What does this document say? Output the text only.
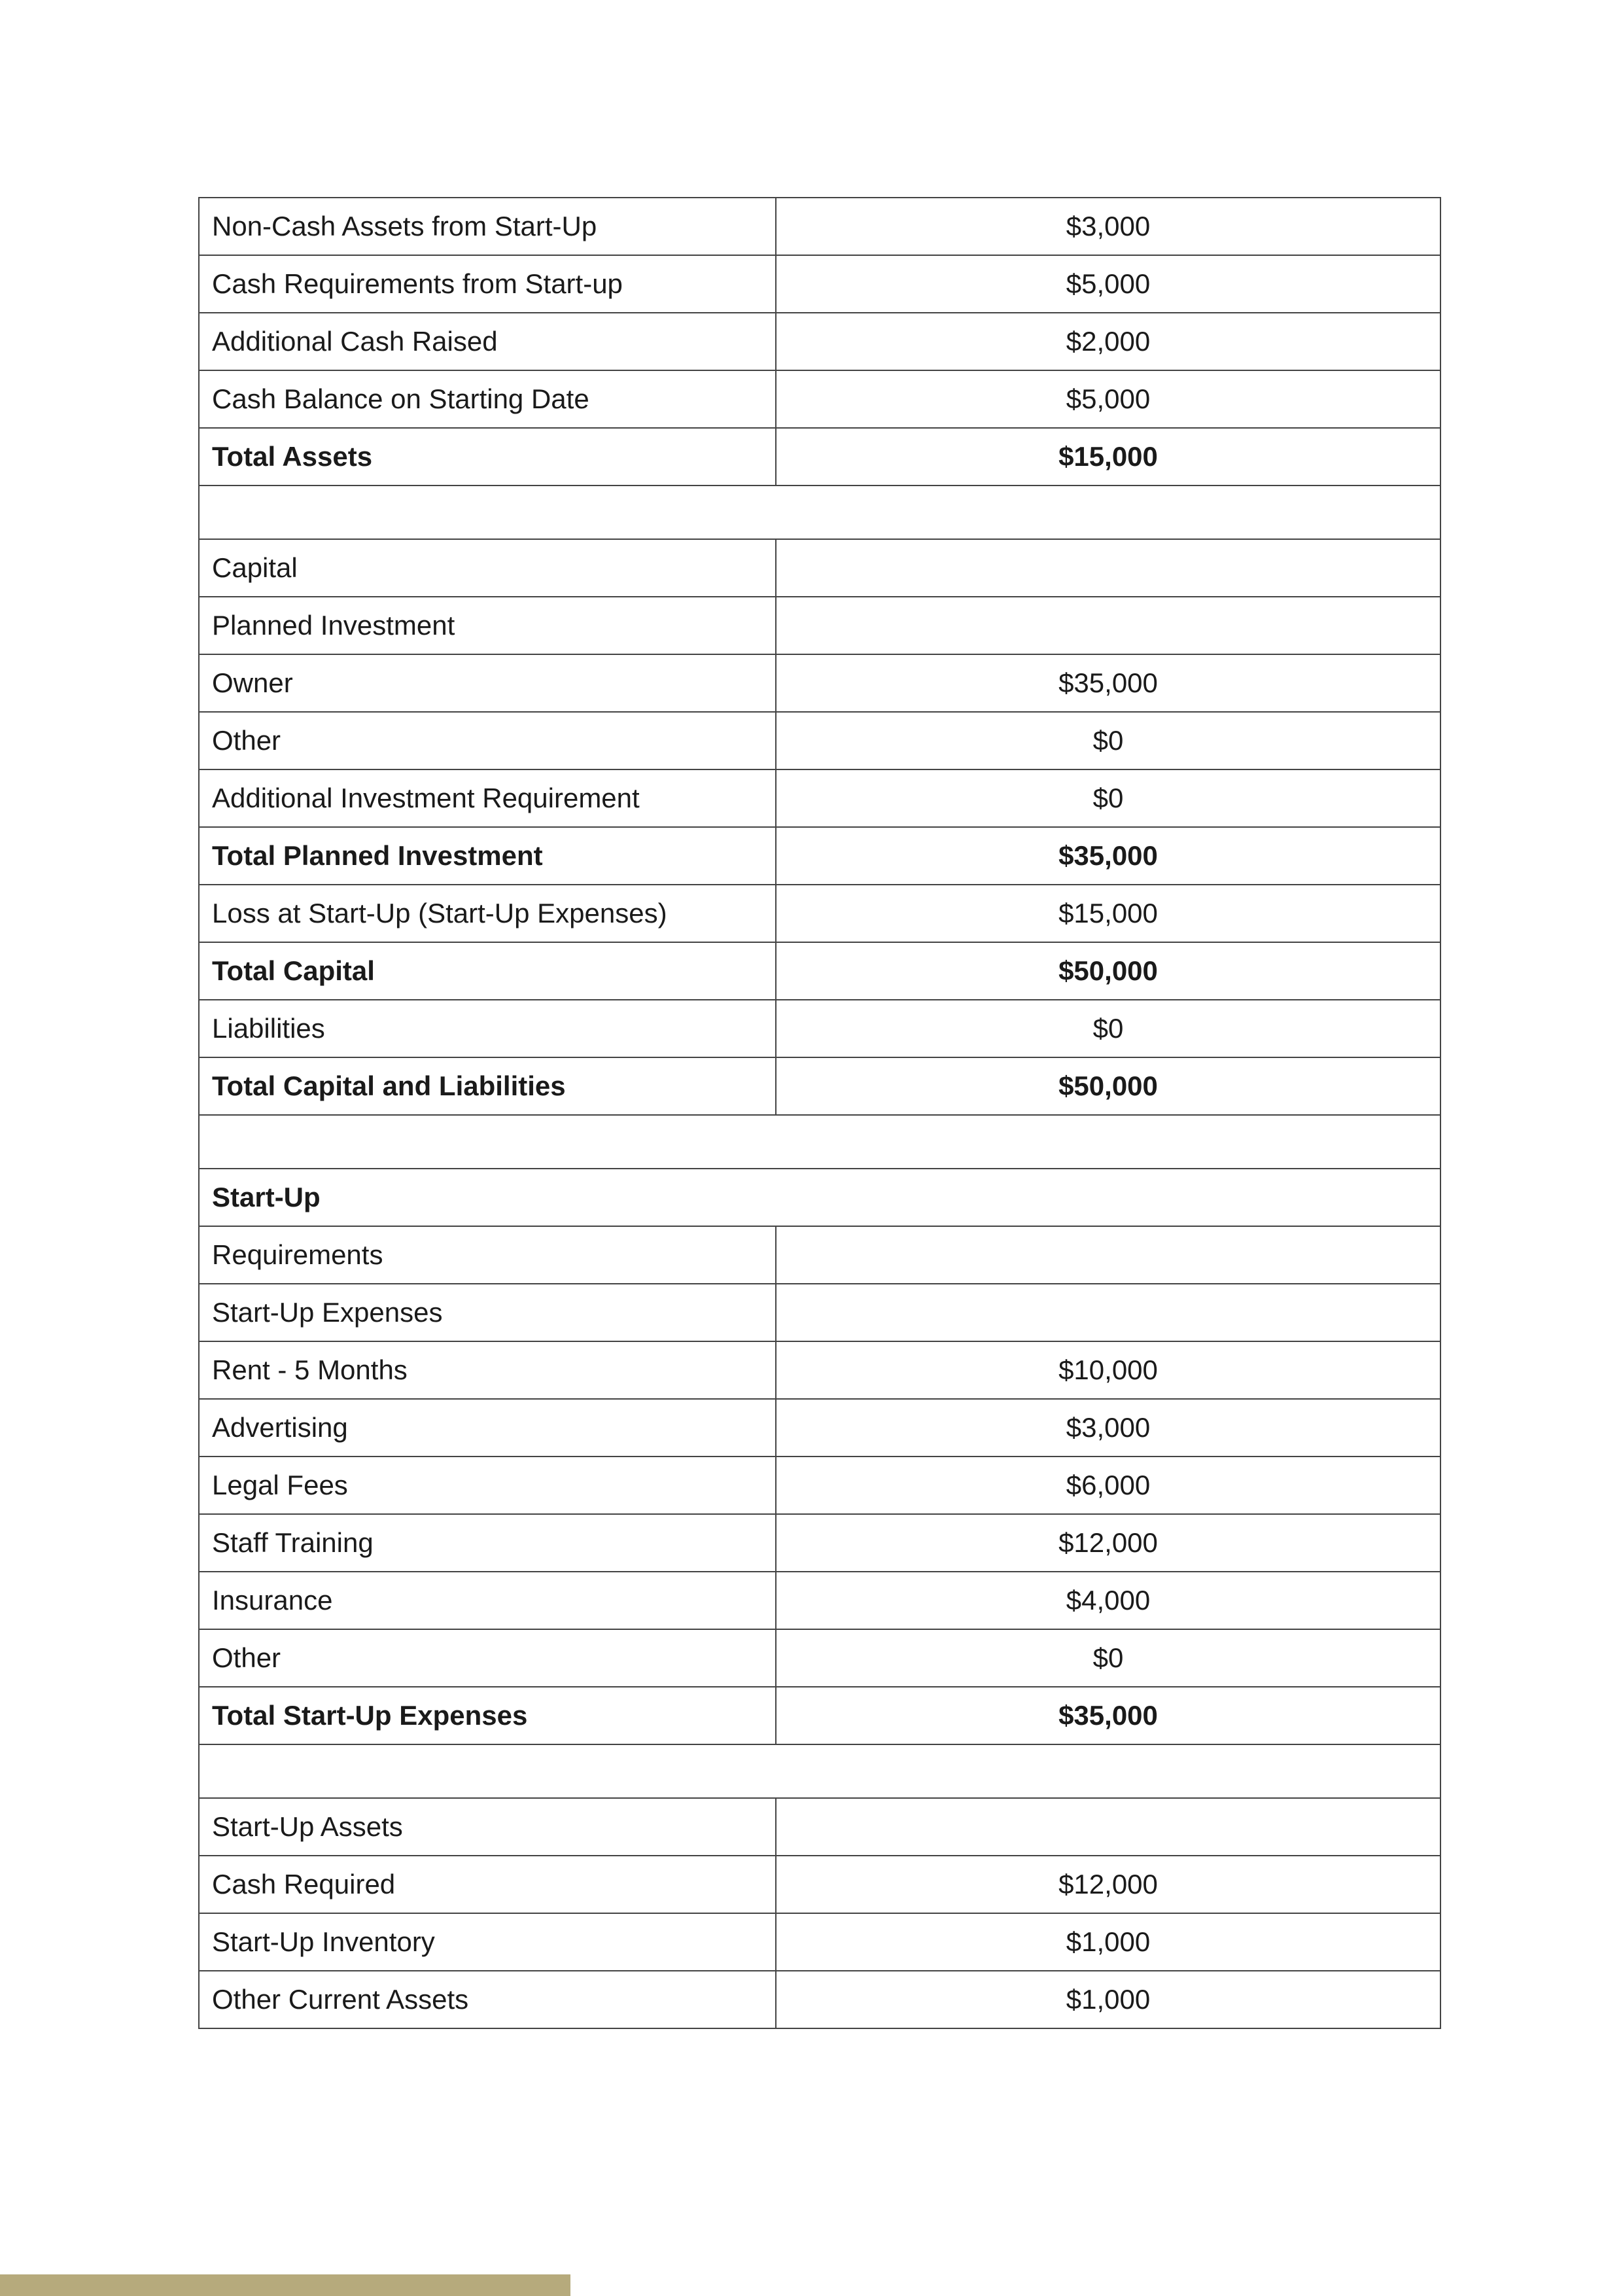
Non-Cash Assets from Start-Up	$3,000
Cash Requirements from Start-up	$5,000
Additional Cash Raised	$2,000
Cash Balance on Starting Date	$5,000
Total Assets	$15,000

Capital	
Planned Investment	
Owner	$35,000
Other	$0
Additional Investment Requirement	$0
Total Planned Investment	$35,000
Loss at Start-Up (Start-Up Expenses)	$15,000
Total Capital	$50,000
Liabilities	$0
Total Capital and Liabilities	$50,000

Start-Up	
Requirements	
Start-Up Expenses	
Rent - 5 Months	$10,000
Advertising	$3,000
Legal Fees	$6,000
Staff Training	$12,000
Insurance	$4,000
Other	$0
Total Start-Up Expenses	$35,000

Start-Up Assets	
Cash Required	$12,000
Start-Up Inventory	$1,000
Other Current Assets	$1,000
